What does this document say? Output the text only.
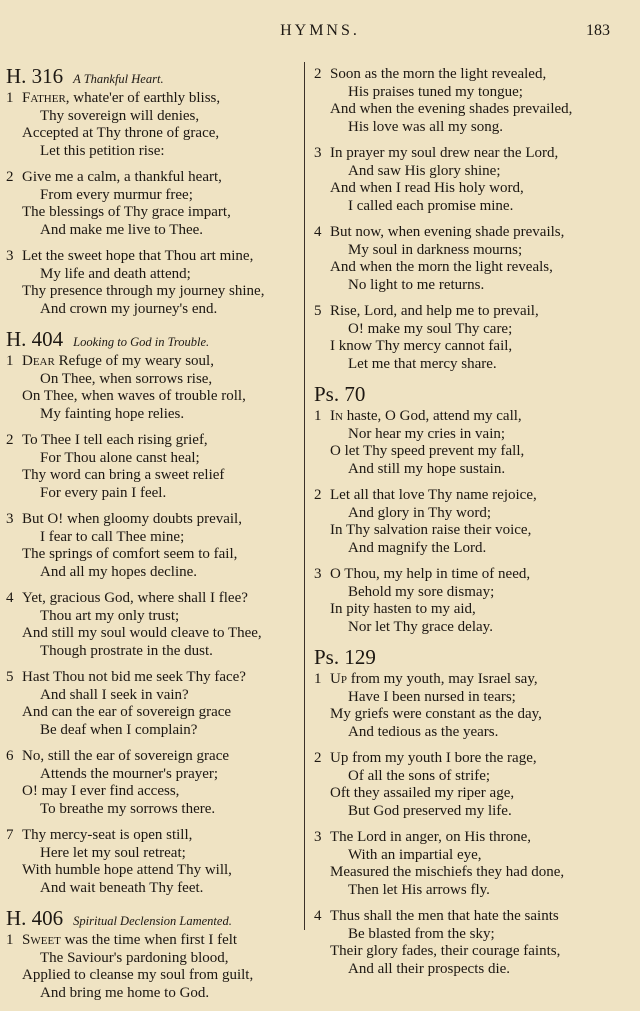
HYMNS.	183
H. 316 A Thankful Heart.
1 Father, whate'er of earthly bliss,
Thy sovereign will denies,
Accepted at Thy throne of grace,
Let this petition rise:
2 Give me a calm, a thankful heart,
From every murmur free;
The blessings of Thy grace impart,
And make me live to Thee.
3 Let the sweet hope that Thou art mine,
My life and death attend;
Thy presence through my journey shine,
And crown my journey's end.
H. 404 Looking to God in Trouble.
1 Dear Refuge of my weary soul,
On Thee, when sorrows rise,
On Thee, when waves of trouble roll,
My fainting hope relies.
2 To Thee I tell each rising grief,
For Thou alone canst heal;
Thy word can bring a sweet relief
For every pain I feel.
3 But O! when gloomy doubts prevail,
I fear to call Thee mine;
The springs of comfort seem to fail,
And all my hopes decline.
4 Yet, gracious God, where shall I flee?
Thou art my only trust;
And still my soul would cleave to Thee,
Though prostrate in the dust.
5 Hast Thou not bid me seek Thy face?
And shall I seek in vain?
And can the ear of sovereign grace
Be deaf when I complain?
6 No, still the ear of sovereign grace
Attends the mourner's prayer;
O! may I ever find access,
To breathe my sorrows there.
7 Thy mercy-seat is open still,
Here let my soul retreat;
With humble hope attend Thy will,
And wait beneath Thy feet.
H. 406 Spiritual Declension Lamented.
1 Sweet was the time when first I felt
The Saviour's pardoning blood,
Applied to cleanse my soul from guilt,
And bring me home to God.
2 Soon as the morn the light revealed,
His praises tuned my tongue;
And when the evening shades prevailed,
His love was all my song.
3 In prayer my soul drew near the Lord,
And saw His glory shine;
And when I read His holy word,
I called each promise mine.
4 But now, when evening shade prevails,
My soul in darkness mourns;
And when the morn the light reveals,
No light to me returns.
5 Rise, Lord, and help me to prevail,
O! make my soul Thy care;
I know Thy mercy cannot fail,
Let me that mercy share.
Ps. 70
1 In haste, O God, attend my call,
Nor hear my cries in vain;
O let Thy speed prevent my fall,
And still my hope sustain.
2 Let all that love Thy name rejoice,
And glory in Thy word;
In Thy salvation raise their voice,
And magnify the Lord.
3 O Thou, my help in time of need,
Behold my sore dismay;
In pity hasten to my aid,
Nor let Thy grace delay.
Ps. 129
1 Up from my youth, may Israel say,
Have I been nursed in tears;
My griefs were constant as the day,
And tedious as the years.
2 Up from my youth I bore the rage,
Of all the sons of strife;
Oft they assailed my riper age,
But God preserved my life.
3 The Lord in anger, on His throne,
With an impartial eye,
Measured the mischiefs they had done,
Then let His arrows fly.
4 Thus shall the men that hate the saints
Be blasted from the sky;
Their glory fades, their courage faints,
And all their prospects die.
